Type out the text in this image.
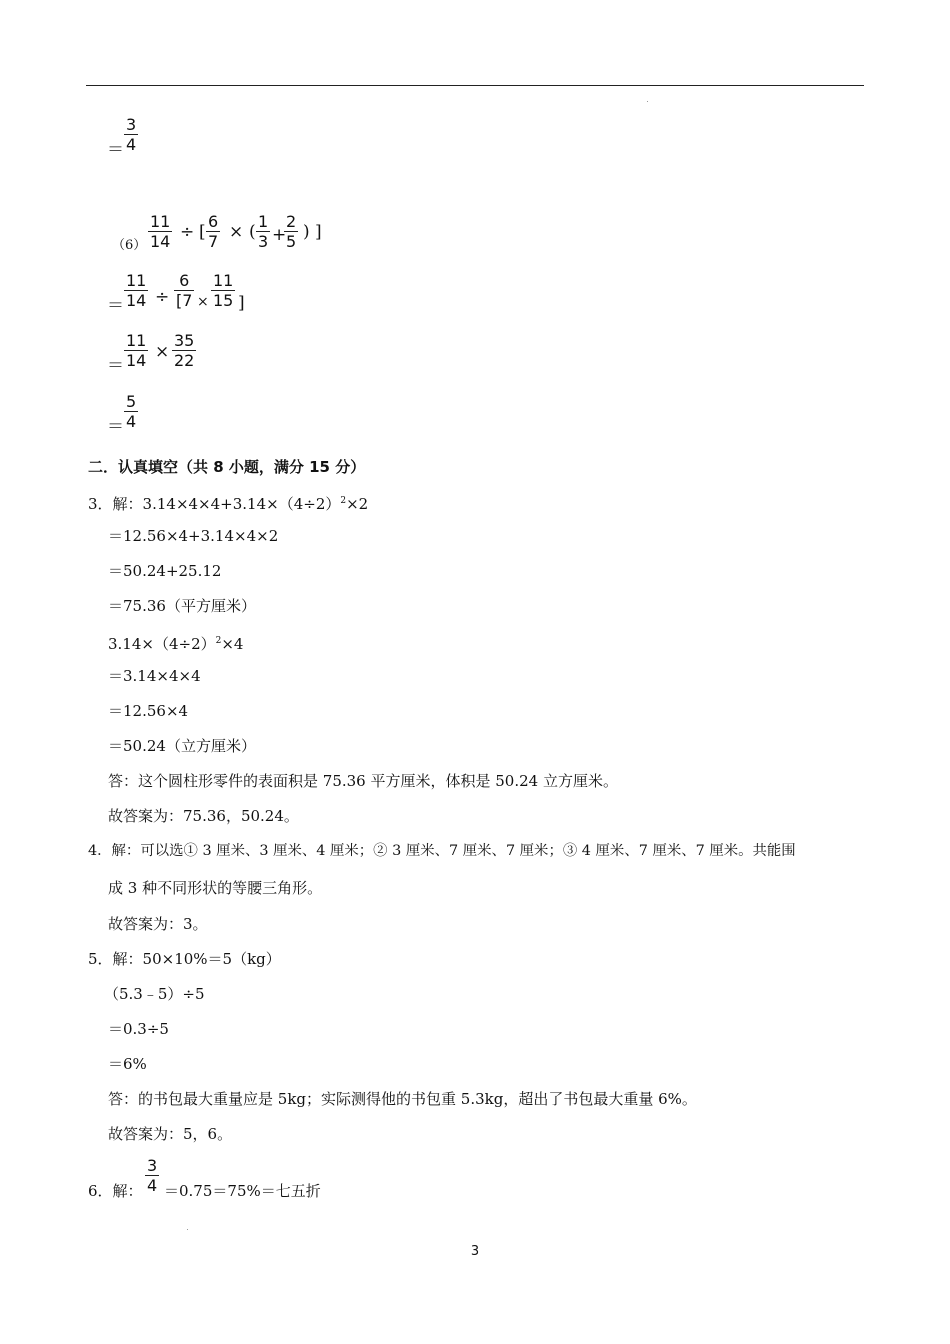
＝
3
4
（6）
11
14 ÷ [
6
7 × (
1
3 +
2
5 ) ]
＝
11
14 ÷
6
[7 ×
11
15 ]
＝
11
14 ×
35
22
＝
5
4
二．认真填空（共 8 小题，满分 15 分）
3．解：$3.14\times 4\times 4+3.14\times(4\div 2)^2\times 2$
＝12.56×4+3.14×4×2
＝50.24+25.12
＝75.36（平方厘米）
$3.14\times(4\div 2)^2\times 4$
＝3.14×4×4
＝12.56×4
＝50.24（立方厘米）
答：这个圆柱形零件的表面积是 75.36 平方厘米，体积是 50.24 立方厘米。
故答案为：75.36，50.24。
4．解：可以选① 3 厘米、3 厘米、4 厘米；② 3 厘米、7 厘米、7 厘米；③ 4 厘米、7 厘米、7 厘米。共能围
成 3 种不同形状的等腰三角形。
故答案为：3。
5．解：50×10%＝5（kg）
（5.3﹣5）÷5
＝0.3÷5
＝6%
答：的书包最大重量应是 5kg；实际测得他的书包重 5.3kg，超出了书包最大重量 6%。
故答案为：5，6。
6．解：
3
4 ＝0.75＝75%＝七五折
3
